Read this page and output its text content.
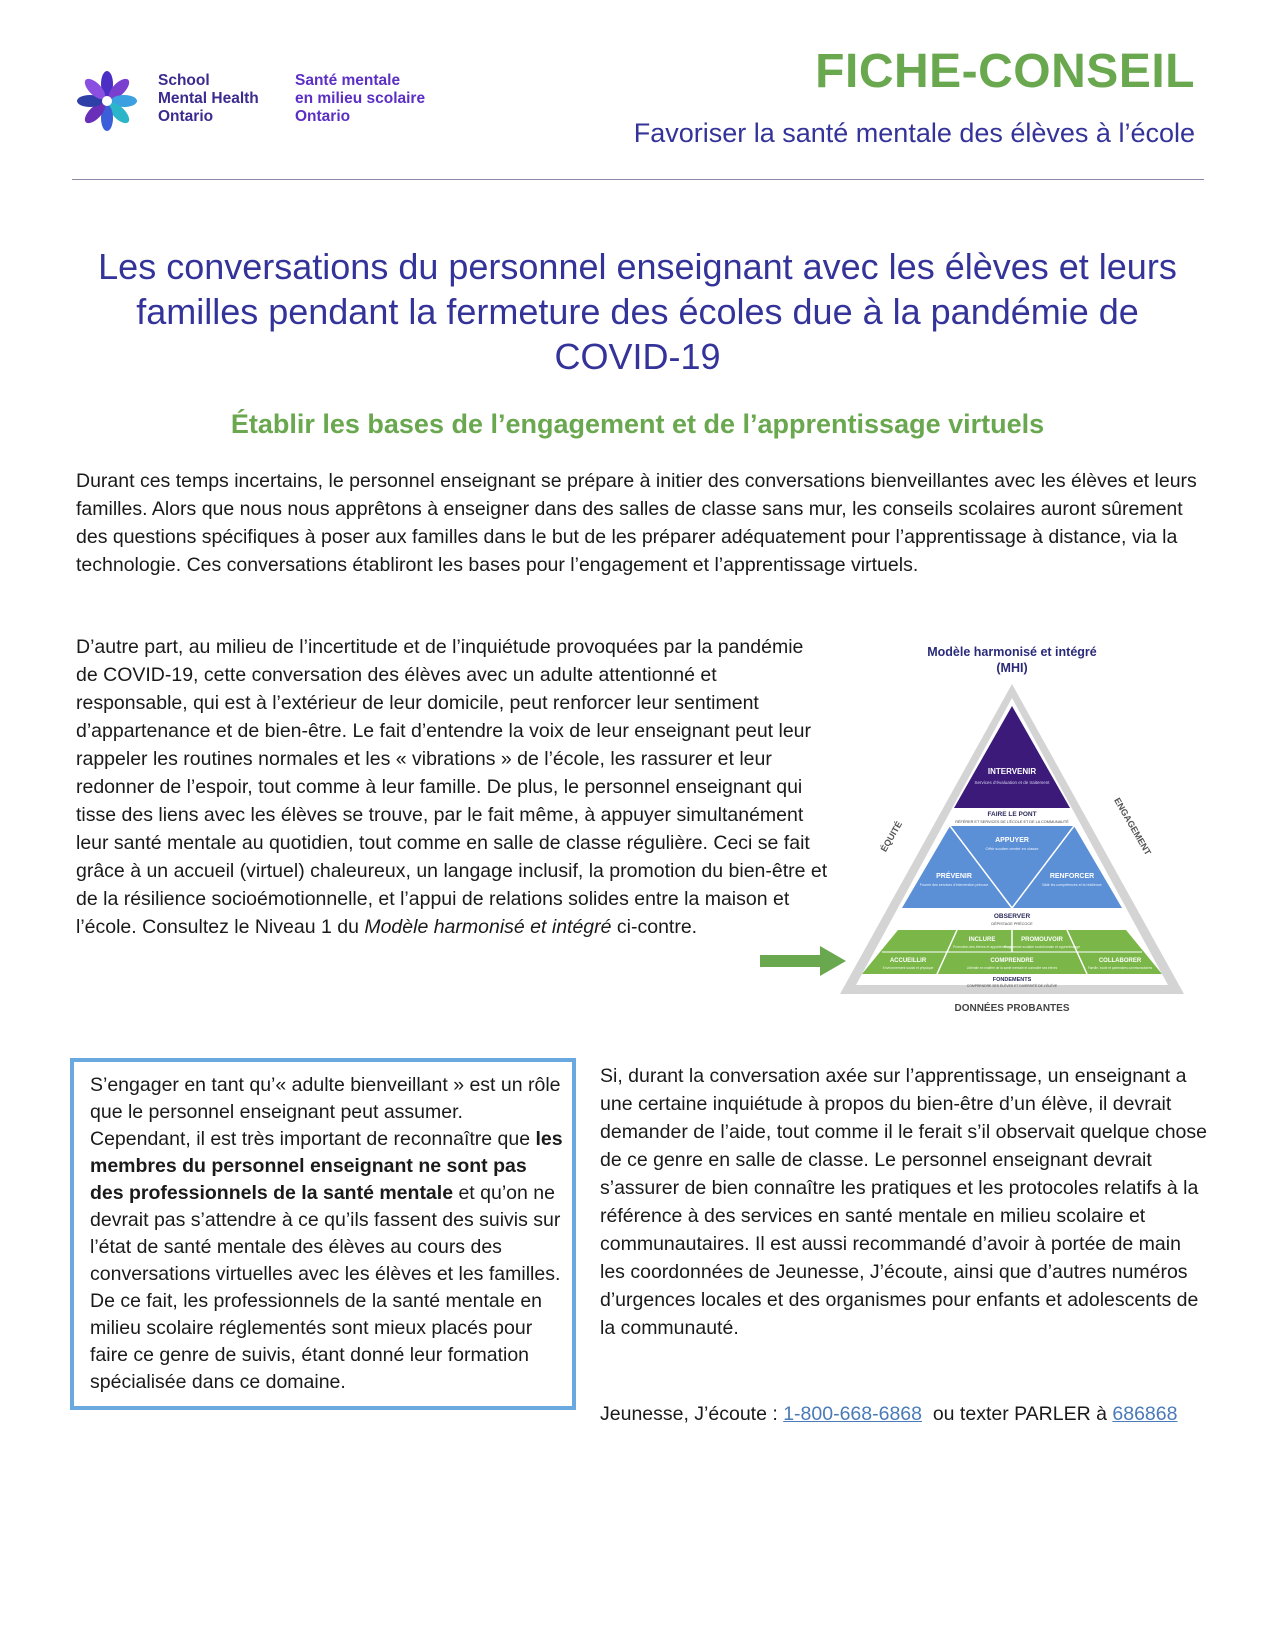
School
Mental Health
Ontario
Santé mentale
en milieu scolaire
Ontario
FICHE-CONSEIL
Favoriser la santé mentale des élèves à l’école
Les conversations du personnel enseignant avec les élèves et leurs
familles pendant la fermeture des écoles due à la pandémie de
COVID-19
Établir les bases de l’engagement et de l’apprentissage virtuels
Durant ces temps incertains, le personnel enseignant se prépare à initier des conversations bienveillantes avec les élèves et leurs familles. Alors que nous nous apprêtons à enseigner dans des salles de classe sans mur, les conseils scolaires auront sûrement des questions spécifiques à poser aux familles dans le but de les préparer adéquatement pour l’apprentissage à distance, via la technologie. Ces conversations établiront les bases pour l’engagement et l’apprentissage virtuels.
D’autre part, au milieu de l’incertitude et de l’inquiétude provoquées par la pandémie de COVID-19, cette conversation des élèves avec un adulte attentionné et responsable, qui est à l’extérieur de leur domicile, peut renforcer leur sentiment d’appartenance et de bien-être. Le fait d’entendre la voix de leur enseignant peut leur rappeler les routines normales et les « vibrations » de l’école, les rassurer et leur redonner de l’espoir, tout comme à leur famille. De plus, le personnel enseignant qui tisse des liens avec les élèves se trouve, par le fait même, à appuyer simultanément leur santé mentale au quotidien, tout comme en salle de classe régulière. Ceci se fait grâce à un accueil (virtuel) chaleureux, un langage inclusif, la promotion du bien-être et de la résilience socioémotionnelle, et l’appui de relations solides entre la maison et l’école. Consultez le Niveau 1 du Modèle harmonisé et intégré ci-contre.
Modèle harmonisé et intégré
(MHI)
INTERVENIR
Services d’évaluation et de traitement
FAIRE LE PONT
RÉFÉRER ET SERVICES DE L’ÉCOLE ET DE LA COMMUNAUTÉ
APPUYER
Offrir soutien centré en classe
PRÉVENIR
Fournir des services d’intervention précoce
RENFORCER
Bâtir les compétences et la résilience
OBSERVER
DÉPISTAGE PRÉCOCE
INCLURE
Promotion des élèves et appartenance
PROMOUVOIR
Programme scolaire sociohumain et apprentissage
ACCUEILLIR
Environnement social et physique
COMPRENDRE
Littératie en matière de la santé mentale et connaître ses élèves
COLLABORER
Famille, école et partenaires communautaires
FONDEMENTS
COMPRENDRE SES ÉLÈVES ET DIVERSITÉ DE L’ÉLÈVE
ÉQUITÉ	ENGAGEMENT
DONNÉES PROBANTES
S’engager en tant qu’« adulte bienveillant » est un rôle que le personnel enseignant peut assumer. Cependant, il est très important de reconnaître que les membres du personnel enseignant ne sont pas des professionnels de la santé mentale et qu’on ne devrait pas s’attendre à ce qu’ils fassent des suivis sur l’état de santé mentale des élèves au cours des conversations virtuelles avec les élèves et les familles. De ce fait, les professionnels de la santé mentale en milieu scolaire réglementés sont mieux placés pour faire ce genre de suivis, étant donné leur formation spécialisée dans ce domaine.
Si, durant la conversation axée sur l’apprentissage, un enseignant a une certaine inquiétude à propos du bien-être d’un élève, il devrait demander de l’aide, tout comme il le ferait s’il observait quelque chose de ce genre en salle de classe. Le personnel enseignant devrait s’assurer de bien connaître les pratiques et les protocoles relatifs à la référence à des services en santé mentale en milieu scolaire et communautaires. Il est aussi recommandé d’avoir à portée de main les coordonnées de Jeunesse, J’écoute, ainsi que d’autres numéros d’urgences locales et des organismes pour enfants et adolescents de la communauté.
Jeunesse, J’écoute : 1-800-668-6868  ou texter PARLER à 686868
